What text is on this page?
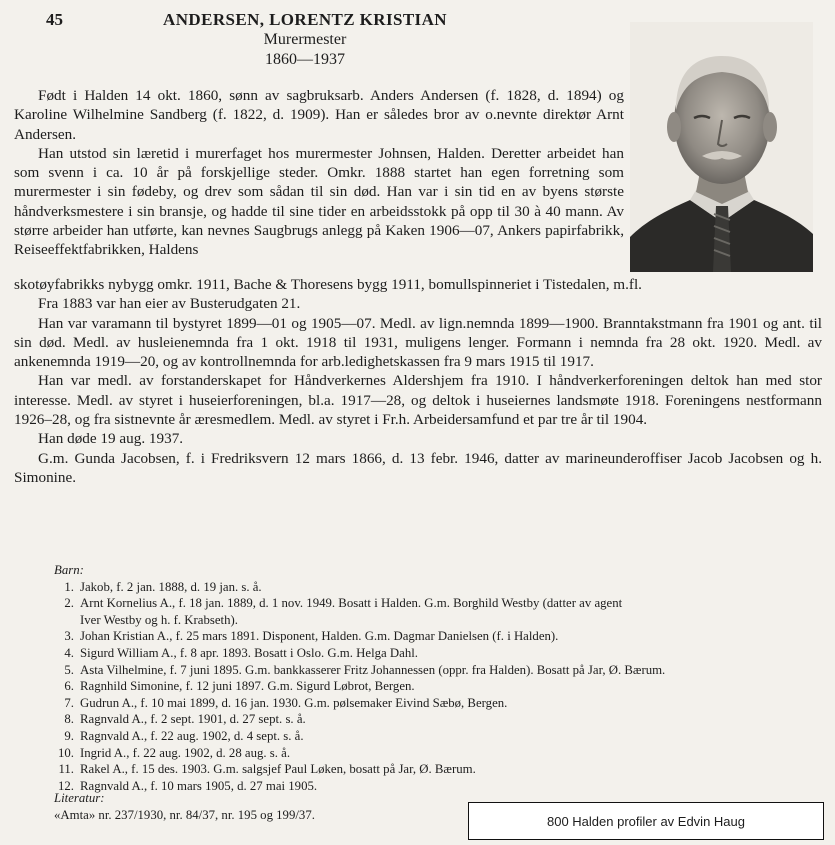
45	ANDERSEN, LORENTZ KRISTIAN
Murermester
1860—1937

Født i Halden 14 okt. 1860, sønn av sagbruksarb. Anders Andersen (f. 1828, d. 1894) og Karoline Wilhelmine Sandberg (f. 1822, d. 1909). Han er således bror av o.nevnte direktør Arnt Andersen.

Han utstod sin læretid i murerfaget hos murermester Johnsen, Halden. Deretter arbeidet han som svenn i ca. 10 år på forskjellige steder. Omkr. 1888 startet han egen forretning som murermester i sin fødeby, og drev som sådan til sin død. Han var i sin tid en av byens største håndverksmestere i sin bransje, og hadde til sine tider en arbeidsstokk på opp til 30 à 40 mann. Av større arbeider han utførte, kan nevnes Saugbrugs anlegg på Kaken 1906—07, Ankers papirfabrikk, Reiseeffektfabrikken, Haldens

skotøyfabrikks nybygg omkr. 1911, Bache & Thoresens bygg 1911, bomullspinneriet i Tistedalen, m.fl.

Fra 1883 var han eier av Busterudgaten 21.

Han var varamann til bystyret 1899—01 og 1905—07. Medl. av lign.nemnda 1899—1900. Branntakstmann fra 1901 og ant. til sin død. Medl. av husleienemnda fra 1 okt. 1918 til 1931, muligens lenger. Formann i nemnda fra 28 okt. 1920. Medl. av ankenemnda 1919—20, og av kontrollnemnda for arb.ledighetskassen fra 9 mars 1915 til 1917.

Han var medl. av forstanderskapet for Håndverkernes Aldershjem fra 1910. I håndverkerforeningen deltok han med stor interesse. Medl. av styret i huseierforeningen, bl.a. 1917—28, og deltok i huseiernes landsmøte 1918. Foreningens nestformann 1926–28, og fra sistnevnte år æresmedlem. Medl. av styret i Fr.h. Arbeidersamfund et par tre år til 1904.

Han døde 19 aug. 1937.

G.m. Gunda Jacobsen, f. i Fredriksvern 12 mars 1866, d. 13 febr. 1946, datter av marineunderoffiser Jacob Jacobsen og h. Simonine.

Barn:
1. Jakob, f. 2 jan. 1888, d. 19 jan. s. å.
2. Arnt Kornelius A., f. 18 jan. 1889, d. 1 nov. 1949. Bosatt i Halden. G.m. Borghild Westby (datter av agent
Iver Westby og h. f. Krabseth).
3. Johan Kristian A., f. 25 mars 1891. Disponent, Halden. G.m. Dagmar Danielsen (f. i Halden).
4. Sigurd William A., f. 8 apr. 1893. Bosatt i Oslo. G.m. Helga Dahl.
5. Asta Vilhelmine, f. 7 juni 1895. G.m. bankkasserer Fritz Johannessen (oppr. fra Halden). Bosatt på Jar, Ø. Bærum.
6. Ragnhild Simonine, f. 12 juni 1897. G.m. Sigurd Løbrot, Bergen.
7. Gudrun A., f. 10 mai 1899, d. 16 jan. 1930. G.m. pølsemaker Eivind Sæbø, Bergen.
8. Ragnvald A., f. 2 sept. 1901, d. 27 sept. s. å.
9. Ragnvald A., f. 22 aug. 1902, d. 4 sept. s. å.
10. Ingrid A., f. 22 aug. 1902, d. 28 aug. s. å.
11. Rakel A., f. 15 des. 1903. G.m. salgsjef Paul Løken, bosatt på Jar, Ø. Bærum.
12. Ragnvald A., f. 10 mars 1905, d. 27 mai 1905.
Literatur:
«Amta» nr. 237/1930, nr. 84/37, nr. 195 og 199/37.	800 Halden profiler av Edvin Haug
